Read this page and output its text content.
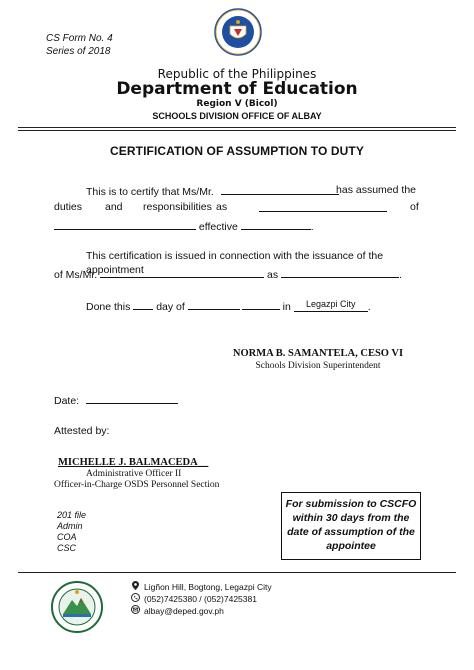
CS Form No. 4
Series of 2018
Republic of the Philippines
Department of Education
Region V (Bicol)
SCHOOLS DIVISION OFFICE OF ALBAY
CERTIFICATION OF ASSUMPTION TO DUTY
This is to certify that Ms/Mr.	has assumed the
duties and responsibilities as	of
effective	.
This certification is issued in connection with the issuance of the appointment
of Ms/Mr.	as	.
Done this day of	in Legazpi City .
NORMA B. SAMANTELA, CESO VI
Schools Division Superintendent
Date:
Attested by:
MICHELLE J. BALMACEDA__
Administrative Officer II
Officer-in-Charge OSDS Personnel Section
201 file
Admin
COA
CSC
For submission to CSCFO
within 30 days from the
date of assumption of the
appointee
Ligñon Hill, Bogtong, Legazpi City
(052)7425380 / (052)7425381
albay@deped.gov.ph
